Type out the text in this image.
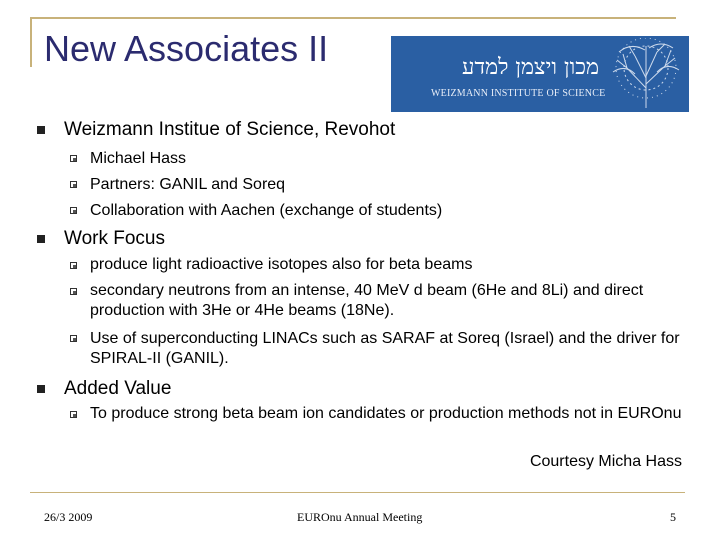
New Associates II	מכון ויצמן למדע
WEIZMANN INSTITUTE OF SCIENCE
Weizmann Institue of Science, Revohot
Michael Hass
Partners: GANIL and Soreq
Collaboration with Aachen (exchange of students)
Work Focus
produce light radioactive isotopes also for beta beams
secondary neutrons from an intense, 40 MeV d beam (6He and 8Li) and direct production with 3He or 4He beams (18Ne).
Use of superconducting LINACs such as SARAF at Soreq (Israel) and the driver for SPIRAL-II (GANIL).
Added Value
To produce strong beta beam ion candidates or production methods not in EUROnu
Courtesy Micha Hass
26/3 2009	EUROnu Annual Meeting	5
